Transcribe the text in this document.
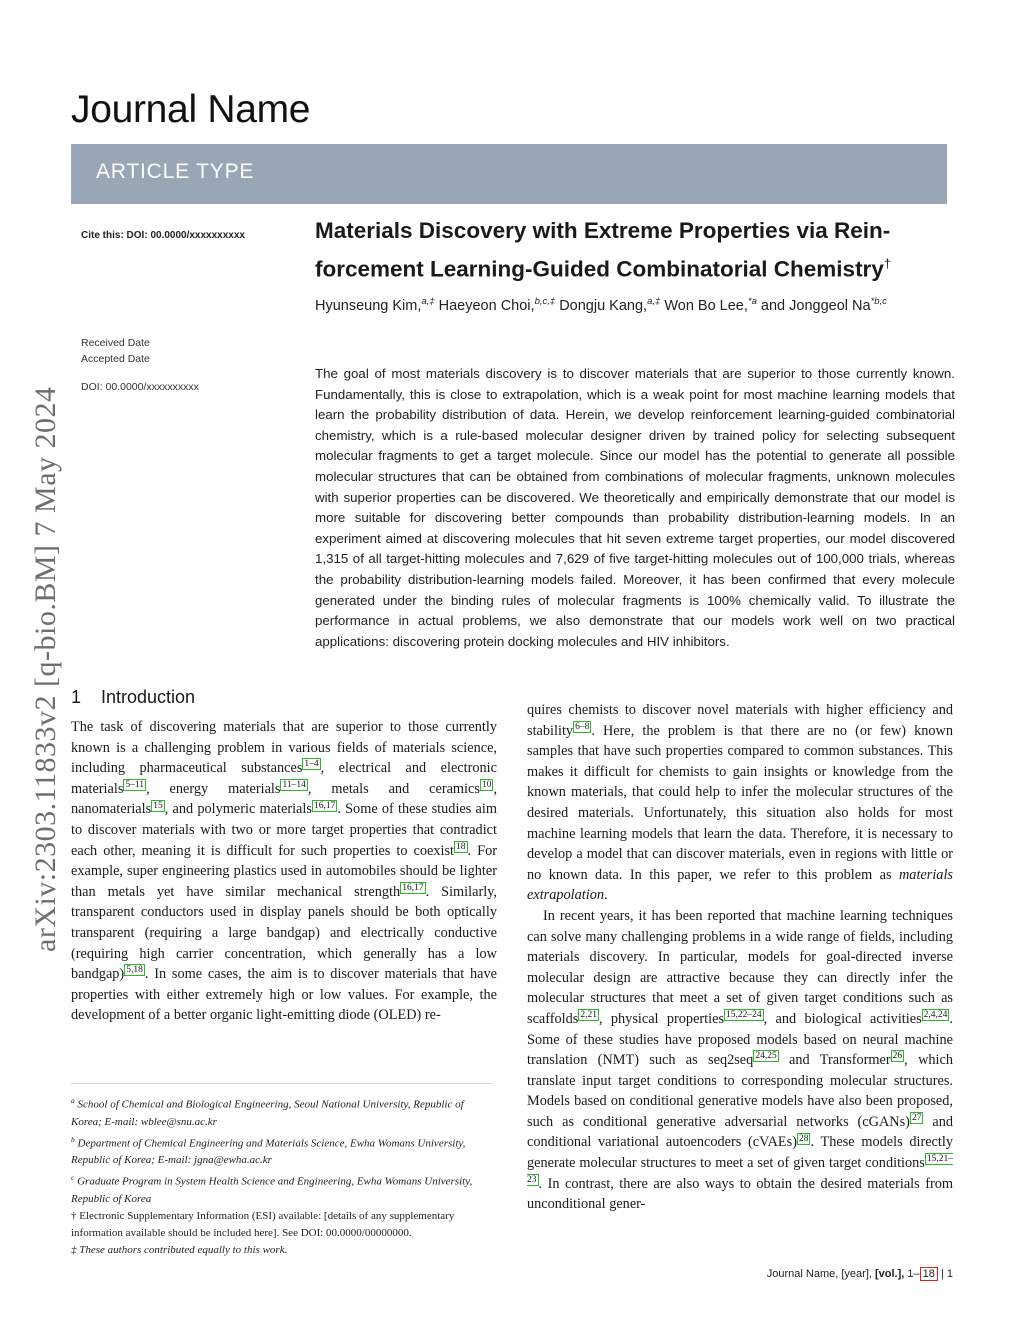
Journal Name
ARTICLE TYPE
arXiv:2303.11833v2 [q-bio.BM] 7 May 2024
Cite this: DOI: 00.0000/xxxxxxxxxx
Received Date
Accepted Date
DOI: 00.0000/xxxxxxxxxx
Materials Discovery with Extreme Properties via Rein-
forcement Learning-Guided Combinatorial Chemistry†
Hyunseung Kim,$^{a,\ddagger}$ Haeyeon Choi,$^{b,c,\ddagger}$ Dongju Kang,$^{a,\ddagger}$ Won Bo Lee,$^{*a}$ and Jonggeol Na$^{*b,c}$
The goal of most materials discovery is to discover materials that are superior to those currently known. Fundamentally, this is close to extrapolation, which is a weak point for most machine learning models that learn the probability distribution of data. Herein, we develop reinforcement learning-guided combinatorial chemistry, which is a rule-based molecular designer driven by trained policy for selecting subsequent molecular fragments to get a target molecule. Since our model has the potential to generate all possible molecular structures that can be obtained from combinations of molecular fragments, unknown molecules with superior properties can be discovered. We theoretically and empirically demonstrate that our model is more suitable for discovering better compounds than probability distribution-learning models. In an experiment aimed at discovering molecules that hit seven extreme target properties, our model discovered 1,315 of all target-hitting molecules and 7,629 of five target-hitting molecules out of 100,000 trials, whereas the probability distribution-learning models failed. Moreover, it has been confirmed that every molecule generated under the binding rules of molecular fragments is 100% chemically valid. To illustrate the performance in actual problems, we also demonstrate that our models work well on two practical applications: discovering protein docking molecules and HIV inhibitors.
1 Introduction

The task of discovering materials that are superior to those currently known is a challenging problem in various fields of materials science, including pharmaceutical substances $^{1-4}$ , electrical and electronic materials $^{5-11}$ , energy materials $^{11-14}$ , metals and ceramics $^{10}$ , nanomaterials $^{15}$ , and polymeric materials $^{16,17}$ . Some of these studies aim to discover materials with two or more target properties that contradict each other, meaning it is difficult for such properties to coexist $^{18}$ . For example, super engineering plastics used in automobiles should be lighter than metals yet have similar mechanical strength $^{16,17}$ . Similarly, transparent conductors used in display panels should be both optically transparent (requiring a large bandgap) and electrically conductive (requiring high carrier concentration, which generally has a low bandgap) $^{5,18}$ . In some cases, the aim is to discover materials that have properties with either extremely high or low values. For example, the development of a better organic light-emitting diode (OLED) re-

quires chemists to discover novel materials with higher efficiency and stability $^{6-8}$ . Here, the problem is that there are no (or few) known samples that have such properties compared to common substances. This makes it difficult for chemists to gain insights or knowledge from the known materials, that could help to infer the molecular structures of the desired materials. Unfortunately, this situation also holds for most machine learning models that learn the data. Therefore, it is necessary to develop a model that can discover materials, even in regions with little or no known data. In this paper, we refer to this problem as materials extrapolation.

In recent years, it has been reported that machine learning techniques can solve many challenging problems in a wide range of fields, including materials discovery. In particular, models for goal-directed inverse molecular design are attractive because they can directly infer the molecular structures that meet a set of given target conditions such as scaffolds $^{2,21}$ , physical properties $^{15,22-24}$ , and biological activities $^{2,4,24}$ . Some of these studies have proposed models based on neural machine translation (NMT) such as seq2seq $^{24,25}$ and Transformer $^{26}$ , which translate input target conditions to corresponding molecular structures. Models based on conditional generative models have also been proposed, such as conditional generative adversarial networks (cGANs) $^{27}$ and conditional variational autoencoders (cVAEs) $^{28}$ . These models directly generate molecular structures to meet a set of given target conditions $^{15,21-23}$ . In contrast, there are also ways to obtain the desired materials from unconditional gener-

$^a$ School of Chemical and Biological Engineering, Seoul National University, Republic of Korea; E-mail: wblee@snu.ac.kr
$^b$ Department of Chemical Engineering and Materials Science, Ewha Womans University, Republic of Korea; E-mail: jgna@ewha.ac.kr
$^c$ Graduate Program in System Health Science and Engineering, Ewha Womans University, Republic of Korea
† Electronic Supplementary Information (ESI) available: [details of any supplementary information available should be included here]. See DOI: 00.0000/00000000.
‡ These authors contributed equally to this work.
Journal Name, [year], [vol.], 1– 18 | 1
